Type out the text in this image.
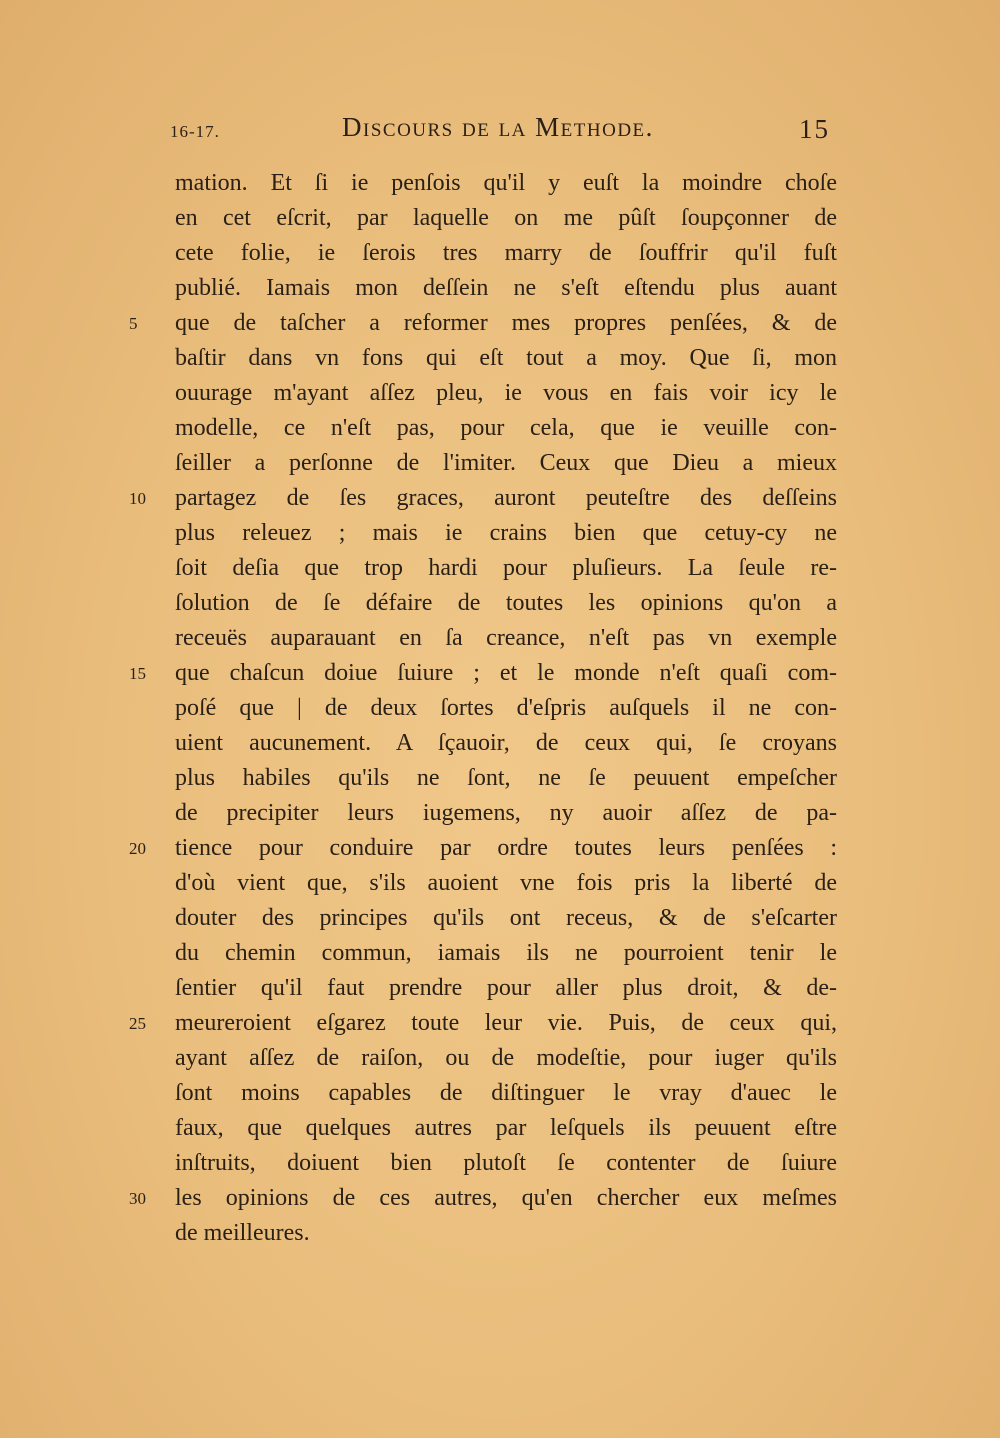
16-17.	Discours de la Methode.	15
mation. Et ſi ie penſois qu'il y euſt la moindre choſe
en cet eſcrit, par laquelle on me pûſt ſoupçonner de
cete folie, ie ſerois tres marry de ſouffrir qu'il fuſt
publié. Iamais mon deſſein ne s'eſt eſtendu plus auant
5 que de taſcher a reformer mes propres penſées, & de
baſtir dans vn fons qui eſt tout a moy. Que ſi, mon
ouurage m'ayant aſſez pleu, ie vous en fais voir icy le
modelle, ce n'eſt pas, pour cela, que ie veuille con-
ſeiller a perſonne de l'imiter. Ceux que Dieu a mieux
10 partagez de ſes graces, auront peuteſtre des deſſeins
plus releuez ; mais ie crains bien que cetuy-cy ne
ſoit deſia que trop hardi pour pluſieurs. La ſeule re-
ſolution de ſe défaire de toutes les opinions qu'on a
receuës auparauant en ſa creance, n'eſt pas vn exemple
15 que chaſcun doiue ſuiure ; et le monde n'eſt quaſi com-
poſé que | de deux ſortes d'eſpris auſquels il ne con-
uient aucunement. A ſçauoir, de ceux qui, ſe croyans
plus habiles qu'ils ne ſont, ne ſe peuuent empeſcher
de precipiter leurs iugemens, ny auoir aſſez de pa-
20 tience pour conduire par ordre toutes leurs penſées :
d'où vient que, s'ils auoient vne fois pris la liberté de
douter des principes qu'ils ont receus, & de s'eſcarter
du chemin commun, iamais ils ne pourroient tenir le
ſentier qu'il faut prendre pour aller plus droit, & de-
25 meureroient eſgarez toute leur vie. Puis, de ceux qui,
ayant aſſez de raiſon, ou de modeſtie, pour iuger qu'ils
ſont moins capables de diſtinguer le vray d'auec le
faux, que quelques autres par leſquels ils peuuent eſtre
inſtruits, doiuent bien plutoſt ſe contenter de ſuiure
30 les opinions de ces autres, qu'en chercher eux meſmes
de meilleures.
